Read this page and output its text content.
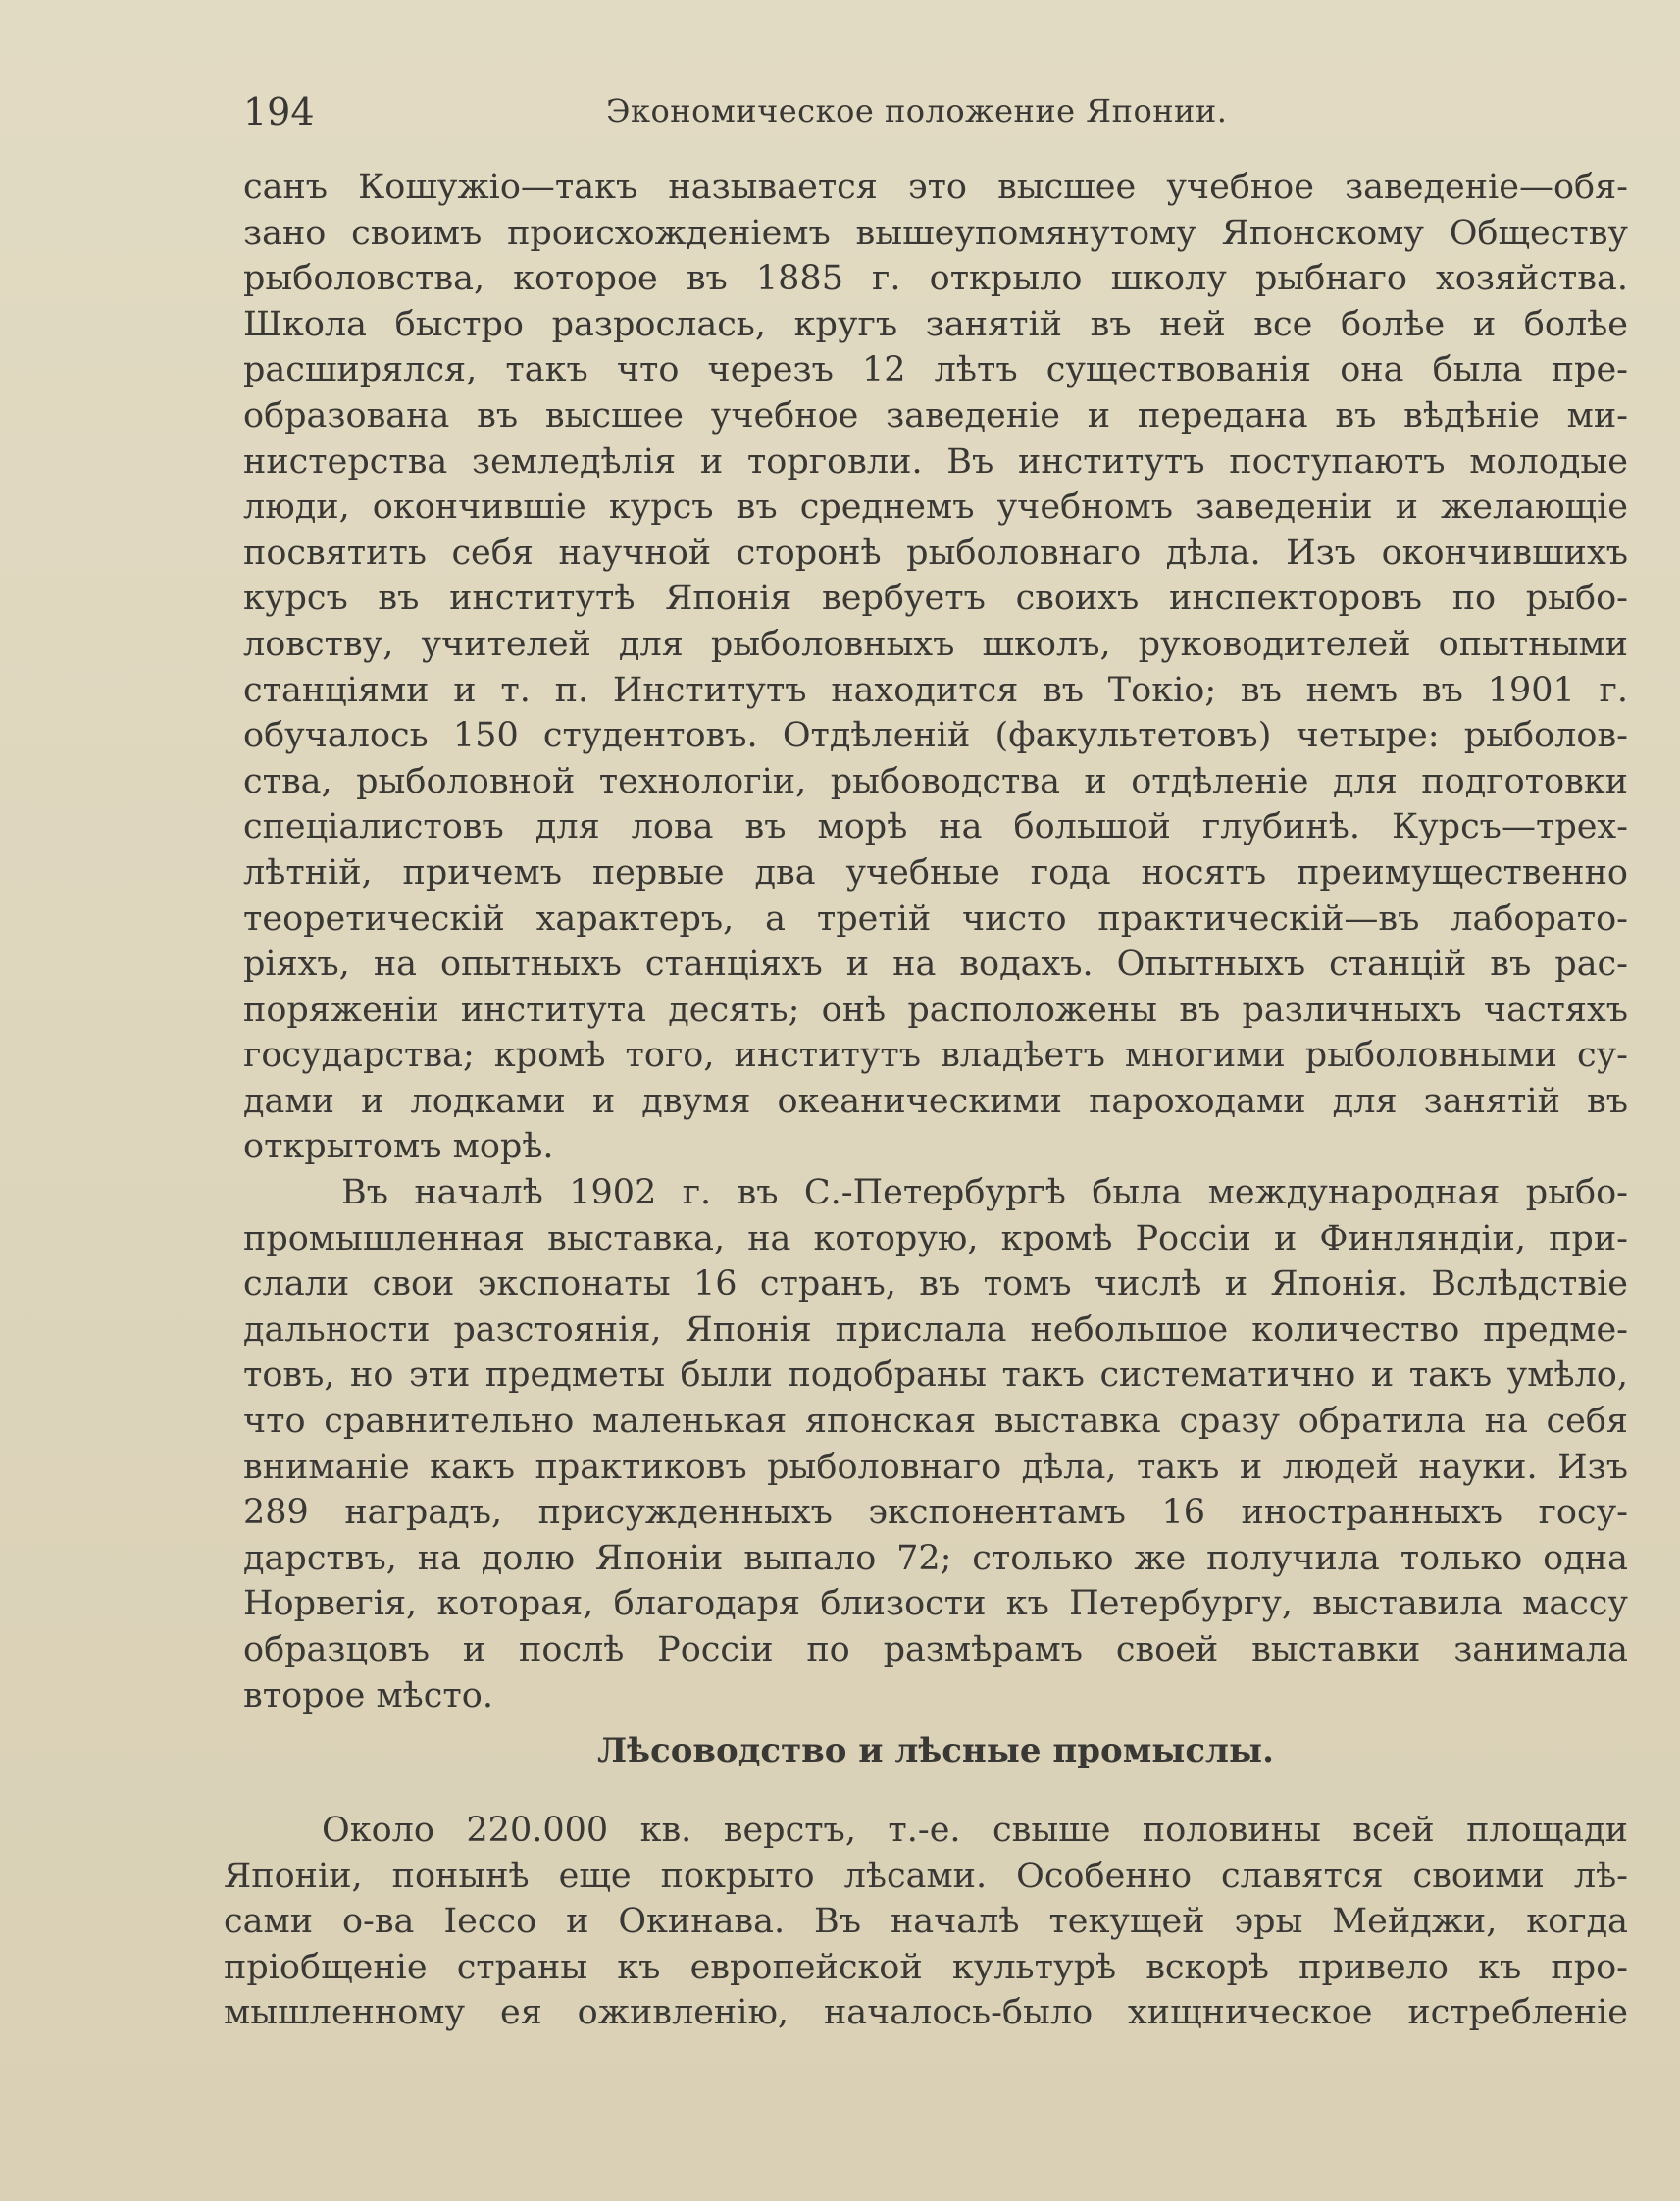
194	Экономическое положение Японии.
санъ Кошужіо—такъ называется это высшее учебное заведеніе—обя-
зано своимъ происхожденіемъ вышеупомянутому Японскому Обществу
рыболовства, которое въ 1885 г. открыло школу рыбнаго хозяйства.
Школа быстро разрослась, кругъ занятій въ ней все болѣе и болѣе
расширялся, такъ что черезъ 12 лѣтъ существованія она была пре-
образована въ высшее учебное заведеніе и передана въ вѣдѣніе ми-
нистерства земледѣлія и торговли. Въ институтъ поступаютъ молодые
люди, окончившіе курсъ въ среднемъ учебномъ заведеніи и желающіе
посвятить себя научной сторонѣ рыболовнаго дѣла. Изъ окончившихъ
курсъ въ институтѣ Японія вербуетъ своихъ инспекторовъ по рыбо-
ловству, учителей для рыболовныхъ школъ, руководителей опытными
станціями и т. п. Институтъ находится въ Токіо; въ немъ въ 1901 г.
обучалось 150 студентовъ. Отдѣленій (факультетовъ) четыре: рыболов-
ства, рыболовной технологіи, рыбоводства и отдѣленіе для подготовки
спеціалистовъ для лова въ морѣ на большой глубинѣ. Курсъ—трех-
лѣтній, причемъ первые два учебные года носятъ преимущественно
теоретическій характеръ, а третій чисто практическій—въ лаборато-
ріяхъ, на опытныхъ станціяхъ и на водахъ. Опытныхъ станцій въ рас-
поряженіи института десять; онѣ расположены въ различныхъ частяхъ
государства; кромѣ того, институтъ владѣетъ многими рыболовными су-
дами и лодками и двумя океаническими пароходами для занятій въ
открытомъ морѣ.
Въ началѣ 1902 г. въ С.-Петербургѣ была международная рыбо-
промышленная выставка, на которую, кромѣ Россіи и Финляндіи, при-
слали свои экспонаты 16 странъ, въ томъ числѣ и Японія. Вслѣдствіе
дальности разстоянія, Японія прислала небольшое количество предме-
товъ, но эти предметы были подобраны такъ систематично и такъ умѣло,
что сравнительно маленькая японская выставка сразу обратила на себя
вниманіе какъ практиковъ рыболовнаго дѣла, такъ и людей науки. Изъ
289 наградъ, присужденныхъ экспонентамъ 16 иностранныхъ госу-
дарствъ, на долю Японіи выпало 72; столько же получила только одна
Норвегія, которая, благодаря близости къ Петербургу, выставила массу
образцовъ и послѣ Россіи по размѣрамъ своей выставки занимала
второе мѣсто.
Лѣсоводство и лѣсные промыслы.
Около 220.000 кв. верстъ, т.-е. свыше половины всей площади
Японіи, понынѣ еще покрыто лѣсами. Особенно славятся своими лѣ-
сами о-ва Іессо и Окинава. Въ началѣ текущей эры Мейджи, когда
пріобщеніе страны къ европейской культурѣ вскорѣ привело къ про-
мышленному ея оживленію, началось-было хищническое истребленіе
